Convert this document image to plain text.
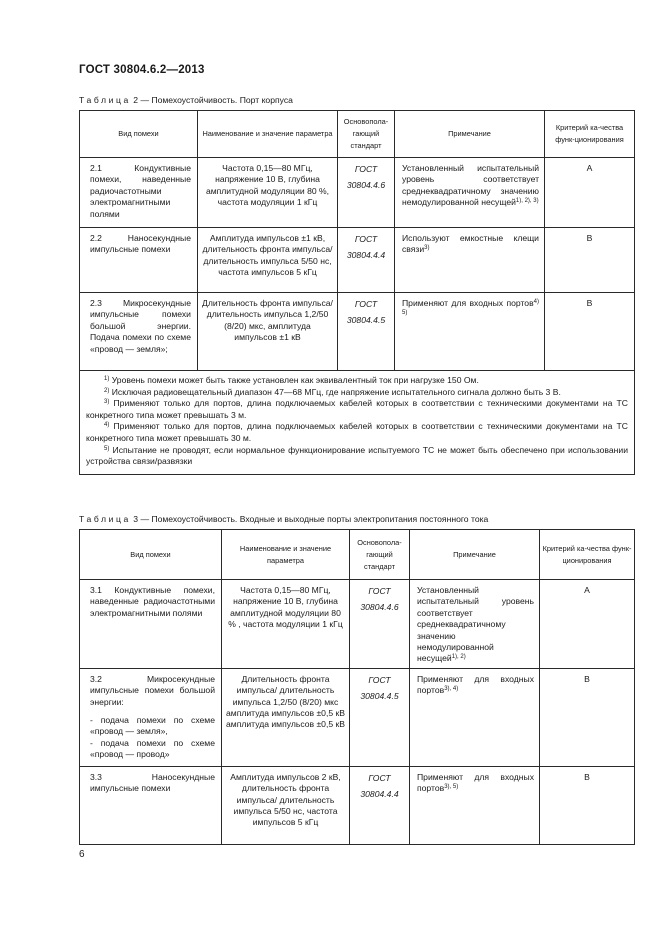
ГОСТ 30804.6.2—2013
Таблица 2 — Помехоустойчивость. Порт корпуса
Вид помехи	Наименование и значение параметра	Основопола-гающий стандарт	Примечание	Критерий ка-чества функ-ционирования
2.1 Кондуктивные помехи, наведенные радиочастотными электромагнитными полями	Частота 0,15—80 МГц, напряжение 10 В, глубина амплитудной модуляции 80 %, частота модуляции 1 кГц	ГОСТ 30804.4.6	Установленный испытательный уровень соответствует среднеквадратичному значению немодулированной несущей$^{1), 2), 3)}$	A
2.2 Наносекундные импульсные помехи	Амплитуда импульсов ±1 кВ, длительность фронта импульса/ длительность импульса 5/50 нс, частота импульсов 5 кГц	ГОСТ 30804.4.4	Используют емкостные клещи связи$^{3)}$	B
2.3 Микросекундные импульсные помехи большой энергии. Подача помехи по схеме «провод — земля»;	Длительность фронта импульса/длительность импульса 1,2/50 (8/20) мкс, амплитуда импульсов ±1 кВ	ГОСТ 30804.4.5	Применяют для входных портов$^{4) 5)}$	B

$^{1)}$ Уровень помехи может быть также установлен как эквивалентный ток при нагрузке 150 Ом.

$^{2)}$ Исключая радиовещательный диапазон 47—68 МГц, где напряжение испытательного сигнала должно быть 3 В.

$^{3)}$ Применяют только для портов, длина подключаемых кабелей которых в соответствии с техническими документами на ТС конкретного типа может превышать 3 м.

$^{4)}$ Применяют только для портов, длина подключаемых кабелей которых в соответствии с техническими документами на ТС конкретного типа может превышать 30 м.

$^{5)}$ Испытание не проводят, если нормальное функционирование испытуемого ТС не может быть обеспечено при использовании устройства связи/развязки				

Таблица 3 — Помехоустойчивость. Входные и выходные порты электропитания постоянного тока
Вид помехи	Наименование и значение параметра	Основопола-гающий стандарт	Примечание	Критерий ка-чества функ-ционирования
3.1 Кондуктивные помехи, наведенные радиочастотными электромагнитными полями	Частота 0,15—80 МГц, напряжение 10 В, глубина амплитудной модуляции 80 % , частота модуляции 1 кГц	ГОСТ 30804.4.6	Установленный испытательный уровень соответствует среднеквадратичному значению немодулированной несущей$^{1), 2)}$	A
3.2 Микросекундные импульсные помехи большой энергии:
- подача помехи по схеме «провод — земля»,
- подача помехи по схеме «провод — провод»	Длительность фронта импульса/ длительность импульса 1,2/50 (8/20) мкс амплитуда импульсов ±0,5 кВ амплитуда импульсов ±0,5 кВ	ГОСТ 30804.4.5	Применяют для входных портов$^{3), 4)}$	B
3.3 Наносекундные импульсные помехи	Амплитуда импульсов 2 кВ, длительность фронта импульса/ длительность импульса 5/50 нс, частота импульсов 5 кГц	ГОСТ 30804.4.4	Применяют для входных портов$^{3), 5)}$	B
6
